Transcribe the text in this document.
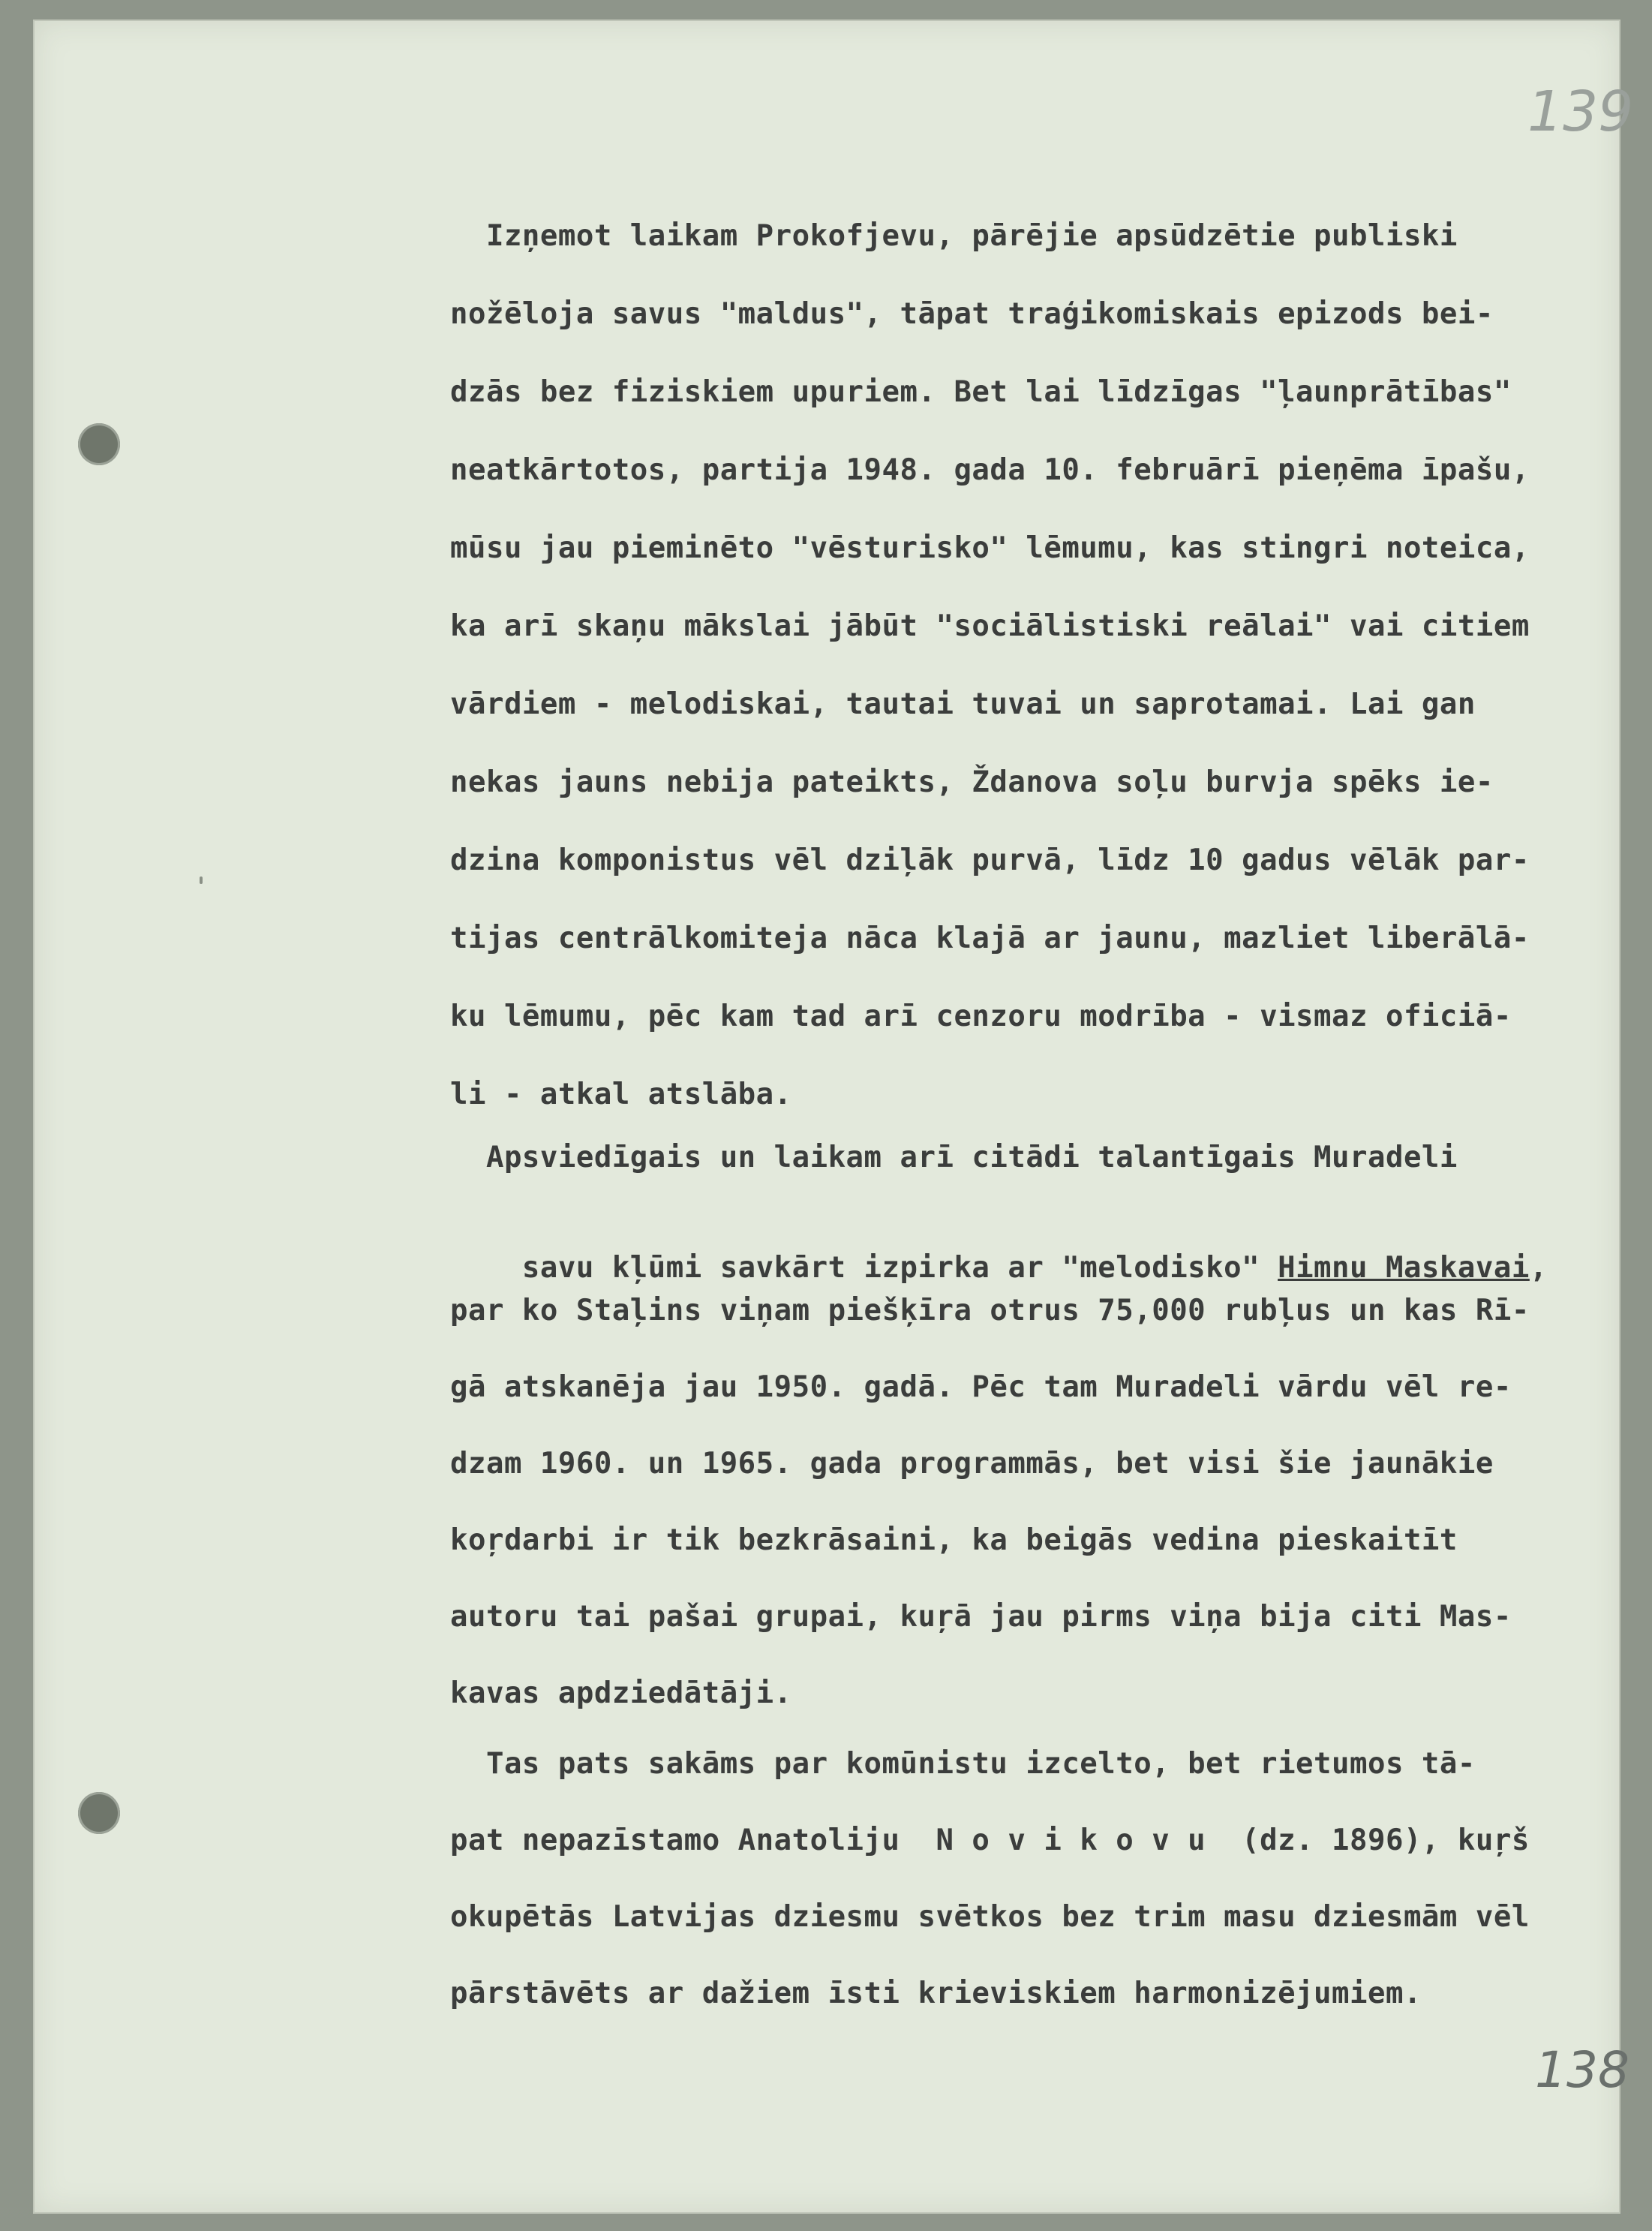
139
138
Izņemot laikam Prokofjevu, pārējie apsūdzētie publiski
nožēloja savus "maldus", tāpat traģikomiskais epizods bei-
dzās bez fiziskiem upuriem. Bet lai līdzīgas "ļaunprātības"
neatkārtotos, partija 1948. gada 10. februārī pieņēma īpašu,
mūsu jau pieminēto "vēsturisko" lēmumu, kas stingri noteica,
ka arī skaņu mākslai jābūt "sociālistiski reālai" vai citiem
vārdiem - melodiskai, tautai tuvai un saprotamai. Lai gan
nekas jauns nebija pateikts, Ždanova soļu burvja spēks ie-
dzina komponistus vēl dziļāk purvā, līdz 10 gadus vēlāk par-
tijas centrālkomiteja nāca klajā ar jaunu, mazliet liberālā-
ku lēmumu, pēc kam tad arī cenzoru modrība - vismaz oficiā-
li - atkal atslāba.
Apsviedīgais un laikam arī citādi talantīgais Muradeli

savu kļūmi savkārt izpirka ar "melodisko" Himnu Maskavai,

par ko Staļins viņam piešķīra otrus 75,000 rubļus un kas Rī-
gā atskanēja jau 1950. gadā. Pēc tam Muradeli vārdu vēl re-
dzam 1960. un 1965. gada programmās, bet visi šie jaunākie
koŗdarbi ir tik bezkrāsaini, ka beigās vedina pieskaitīt
autoru tai pašai grupai, kuŗā jau pirms viņa bija citi Mas-
kavas apdziedātāji.
Tas pats sakāms par komūnistu izcelto, bet rietumos tā-
pat nepazīstamo Anatoliju  N o v i k o v u  (dz. 1896), kuŗš
okupētās Latvijas dziesmu svētkos bez trim masu dziesmām vēl
pārstāvēts ar dažiem īsti krieviskiem harmonizējumiem.
